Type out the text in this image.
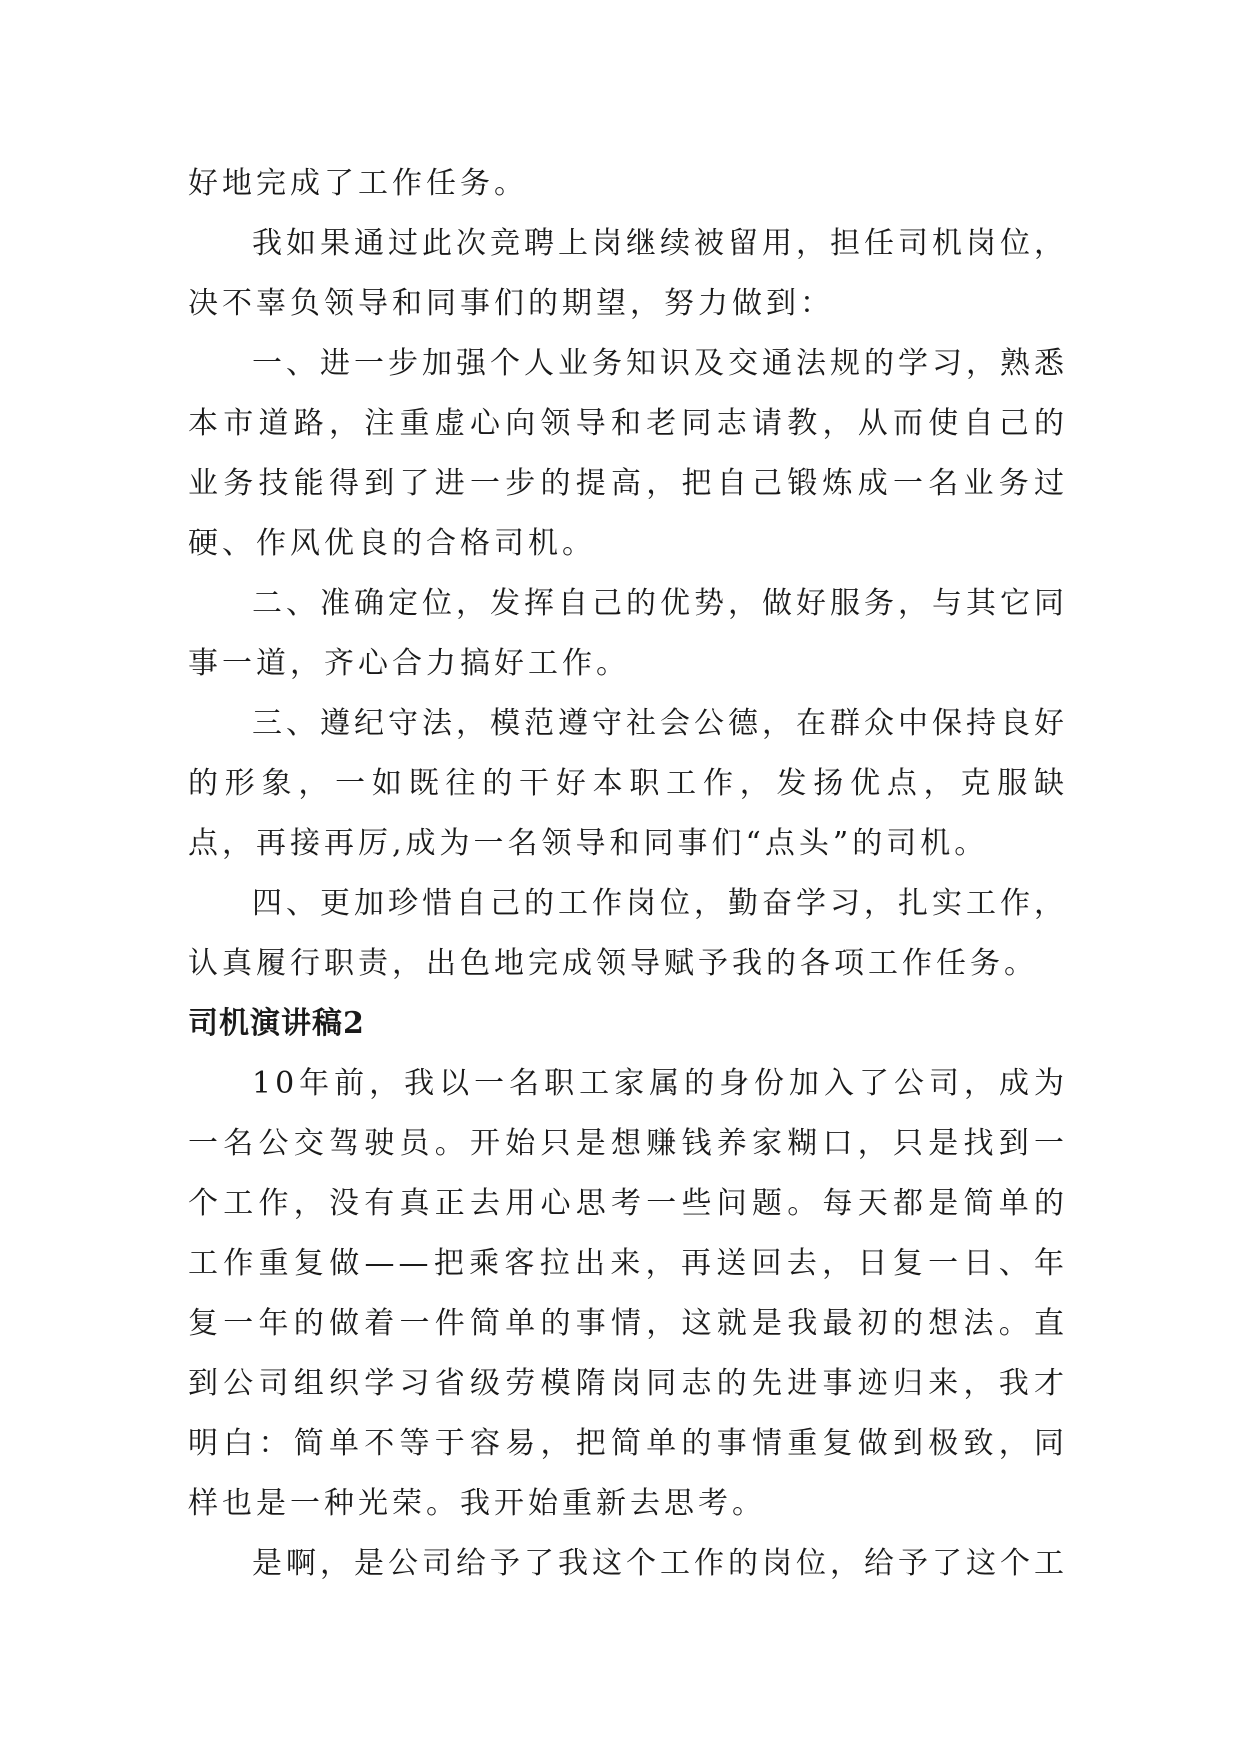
好地完成了工作任务。

我如果通过此次竞聘上岗继续被留用，担任司机岗位，决不辜负领导和同事们的期望，努力做到：

一、进一步加强个人业务知识及交通法规的学习，熟悉本市道路，注重虚心向领导和老同志请教，从而使自己的业务技能得到了进一步的提高，把自己锻炼成一名业务过硬、作风优良的合格司机。

二、准确定位，发挥自己的优势，做好服务，与其它同事一道，齐心合力搞好工作。

三、遵纪守法，模范遵守社会公德，在群众中保持良好的形象，一如既往的干好本职工作，发扬优点，克服缺点，再接再厉,成为一名领导和同事们“点头”的司机。

四、更加珍惜自己的工作岗位，勤奋学习，扎实工作，认真履行职责，出色地完成领导赋予我的各项工作任务。

司机演讲稿2

10年前，我以一名职工家属的身份加入了公司，成为一名公交驾驶员。开始只是想赚钱养家糊口，只是找到一个工作，没有真正去用心思考一些问题。每天都是简单的工作重复做——把乘客拉出来，再送回去，日复一日、年复一年的做着一件简单的事情，这就是我最初的想法。直到公司组织学习省级劳模隋岗同志的先进事迹归来，我才明白：简单不等于容易，把简单的事情重复做到极致，同样也是一种光荣。我开始重新去思考。

是啊，是公司给予了我这个工作的岗位，给予了这个工
